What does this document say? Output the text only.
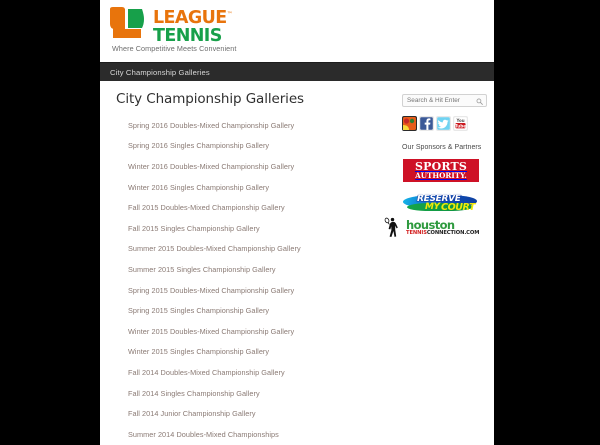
LEAGUE™
TENNIS
Where Competitive Meets Convenient
City Championship Galleries
City Championship Galleries
Spring 2016 Doubles-Mixed Championship Gallery
Spring 2016 Singles Championship Gallery
Winter 2016 Doubles-Mixed Championship Gallery
Winter 2016 Singles Championship Gallery
Fall 2015 Doubles-Mixed Championship Gallery
Fall 2015 Singles Championship Gallery
Summer 2015 Doubles-Mixed Championship Gallery
Summer 2015 Singles Championship Gallery
Spring 2015 Doubles-Mixed Championship Gallery
Spring 2015 Singles Championship Gallery
Winter 2015 Doubles-Mixed Championship Gallery
Winter 2015 Singles Championship Gallery
Fall 2014 Doubles-Mixed Championship Gallery
Fall 2014 Singles Championship Gallery
Fall 2014 Junior Championship Gallery
Summer 2014 Doubles-Mixed Championships
Search & Hit Enter
You
Tube
Our Sponsors & Partners
SPORTS
AUTHORITY.
RESERVE
MY COURT
